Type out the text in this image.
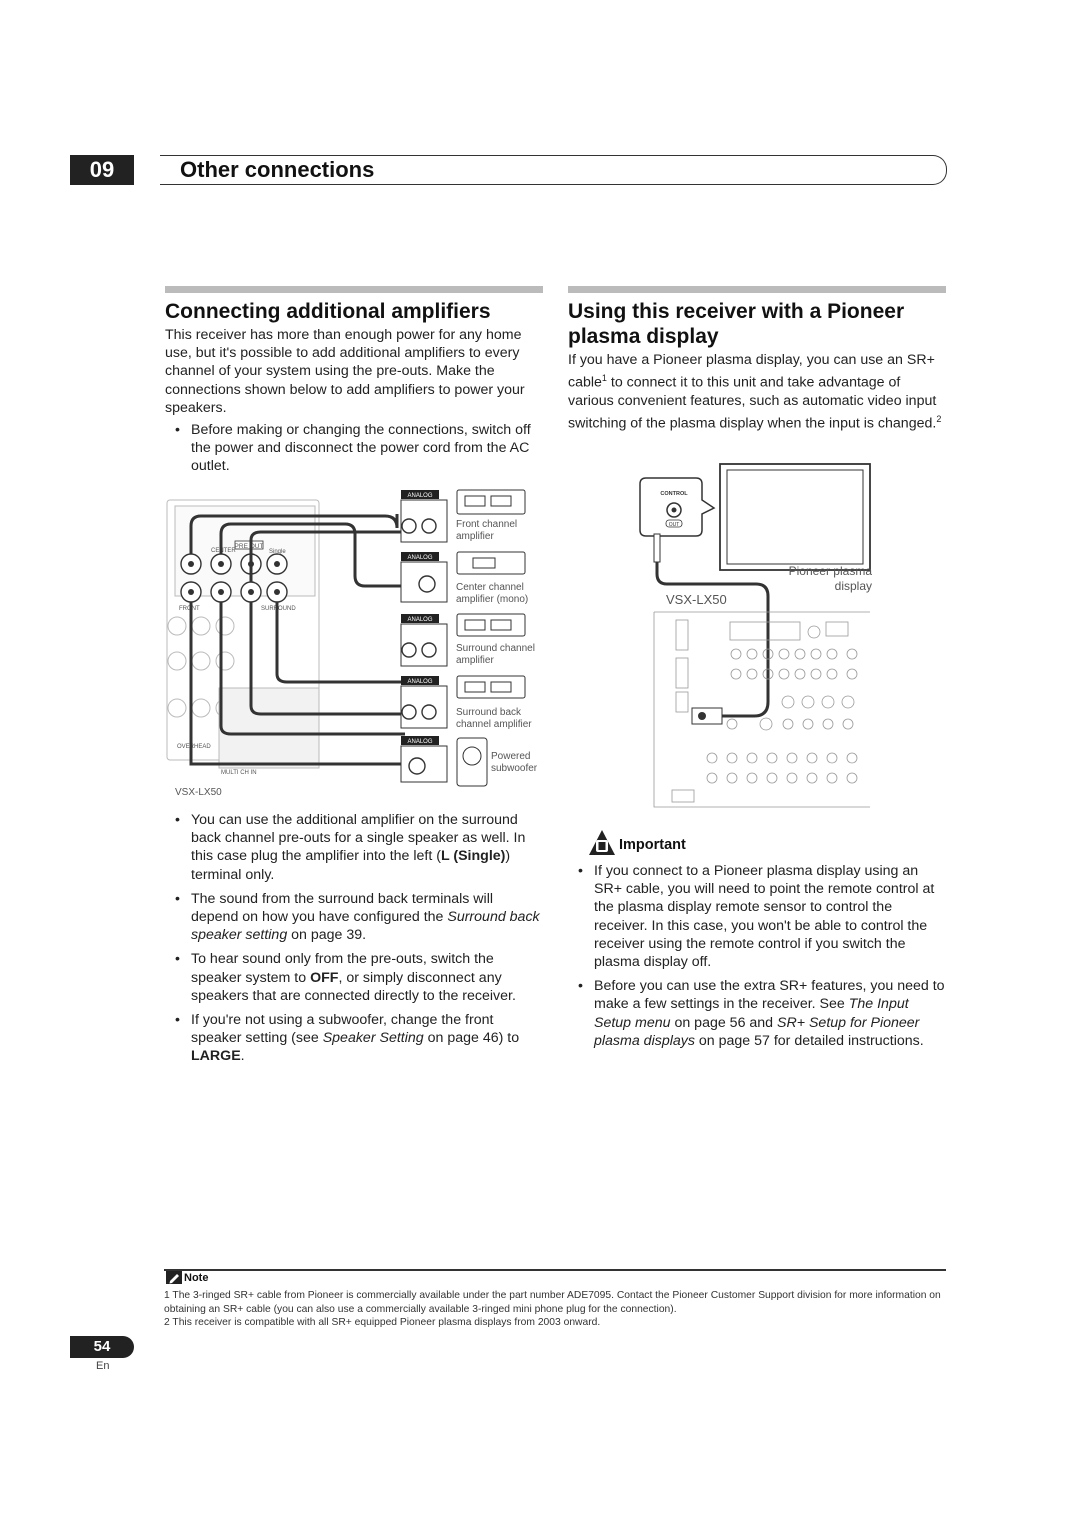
09	Other connections
Connecting additional amplifiers
This receiver has more than enough power for any home use, but it's possible to add additional amplifiers to every channel of your system using the pre-outs. Make the connections shown below to add amplifiers to power your speakers.
• Before making or changing the connections, switch off the power and disconnect the power cord from the AC outlet.
PRE OUT
CENTER	Single
FRONT	SURROUND
OVERHEAD
MULTI CH IN
VSX-LX50
ANALOG
ANALOG
ANALOG
ANALOG
ANALOG
Front channel
amplifier
Center channel
amplifier (mono)
Surround channel
amplifier
Surround back
channel amplifier
Powered
subwoofer
• You can use the additional amplifier on the surround back channel pre-outs for a single speaker as well. In this case plug the amplifier into the left (L (Single)) terminal only.
• The sound from the surround back terminals will depend on how you have configured the Surround back speaker setting on page 39.
• To hear sound only from the pre-outs, switch the speaker system to OFF, or simply disconnect any speakers that are connected directly to the receiver.
• If you're not using a subwoofer, change the front speaker setting (see Speaker Setting on page 46) to LARGE.
Using this receiver with a Pioneer plasma display
If you have a Pioneer plasma display, you can use an SR+ cable$^1$ to connect it to this unit and take advantage of various convenient features, such as automatic video input switching of the plasma display when the input is changed.$^2$
CONTROL
OUT
Pioneer plasma
display
VSX-LX50
Important
• If you connect to a Pioneer plasma display using an SR+ cable, you will need to point the remote control at the plasma display remote sensor to control the receiver. In this case, you won't be able to control the receiver using the remote control if you switch the plasma display off.
• Before you can use the extra SR+ features, you need to make a few settings in the receiver. See The Input Setup menu on page 56 and SR+ Setup for Pioneer plasma displays on page 57 for detailed instructions.
Note
1 The 3-ringed SR+ cable from Pioneer is commercially available under the part number ADE7095. Contact the Pioneer Customer Support division for more information on obtaining an SR+ cable (you can also use a commercially available 3-ringed mini phone plug for the connection).
2 This receiver is compatible with all SR+ equipped Pioneer plasma displays from 2003 onward.
54
En
